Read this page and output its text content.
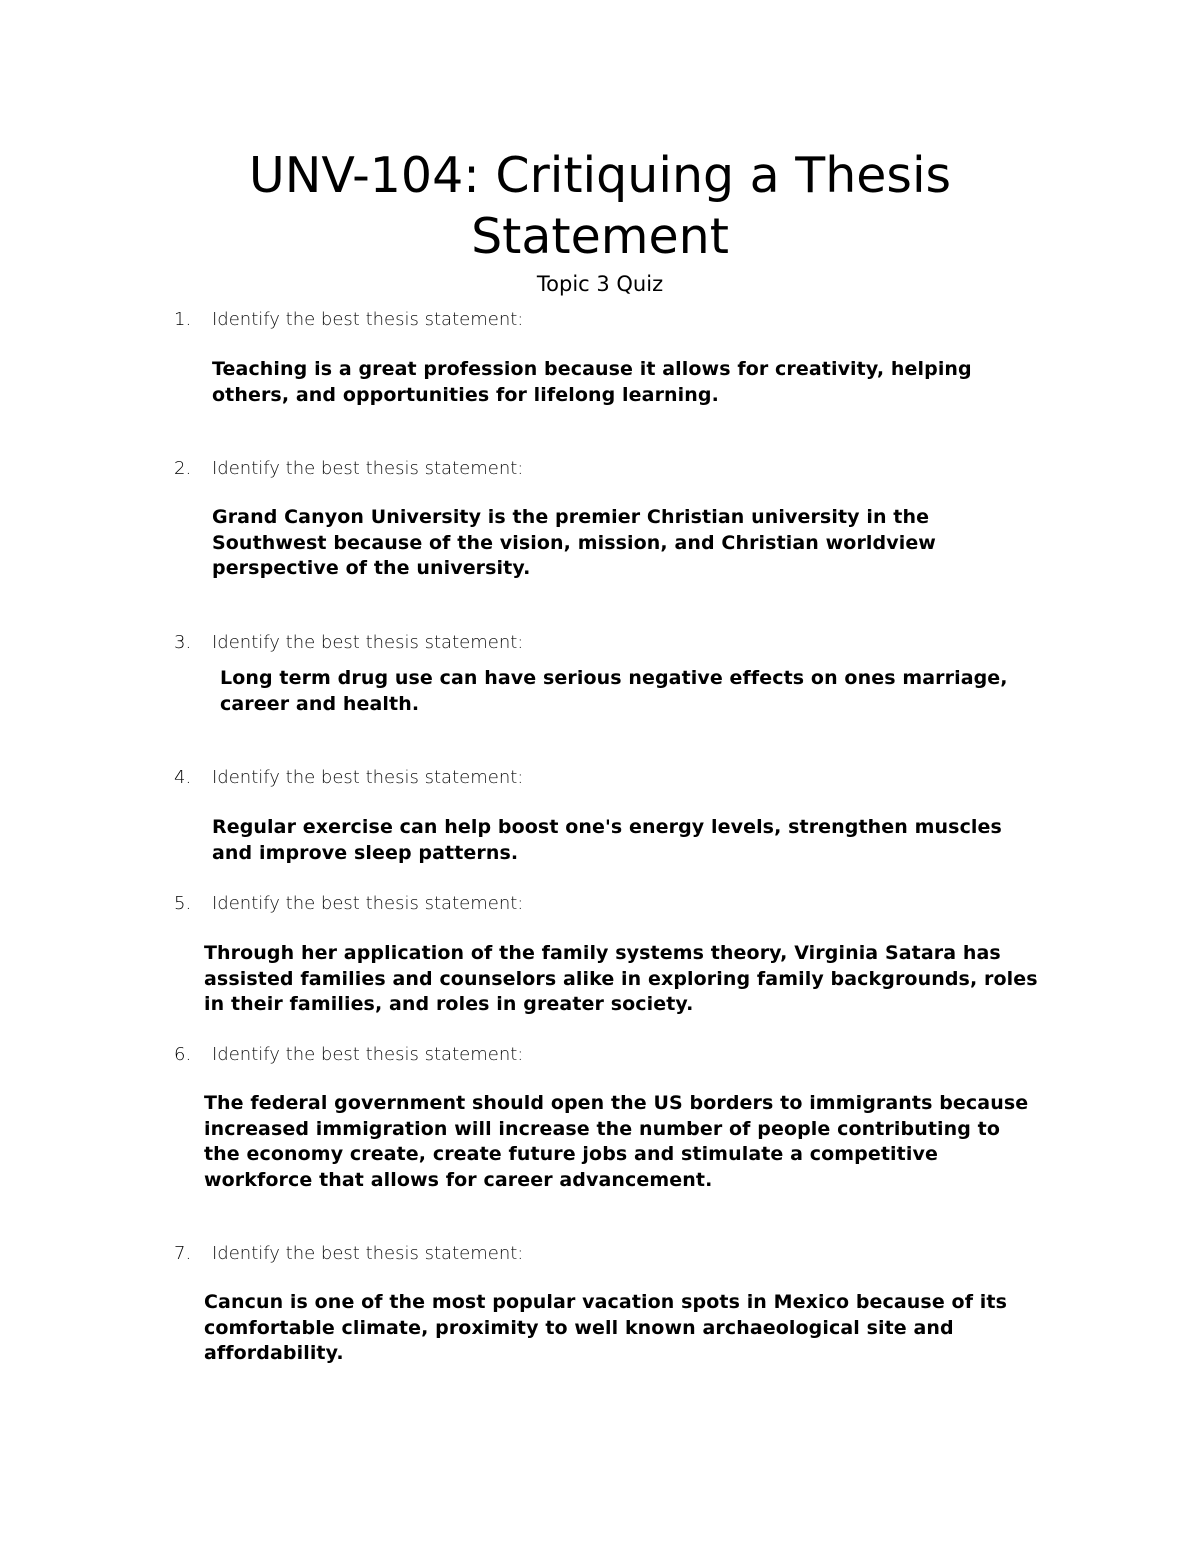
UNV-104: Critiquing a Thesis
Statement

Topic 3 Quiz

1. Identify the best thesis statement:
Teaching is a great profession because it allows for creativity, helping
others, and opportunities for lifelong learning.
2. Identify the best thesis statement:
Grand Canyon University is the premier Christian university in the
Southwest because of the vision, mission, and Christian worldview
perspective of the university.
3. Identify the best thesis statement:
Long term drug use can have serious negative effects on ones marriage,
career and health.
4. Identify the best thesis statement:
Regular exercise can help boost one's energy levels, strengthen muscles
and improve sleep patterns.
5. Identify the best thesis statement:
Through her application of the family systems theory, Virginia Satara has
assisted families and counselors alike in exploring family backgrounds, roles
in their families, and roles in greater society.
6. Identify the best thesis statement:
The federal government should open the US borders to immigrants because
increased immigration will increase the number of people contributing to
the economy create, create future jobs and stimulate a competitive
workforce that allows for career advancement.
7. Identify the best thesis statement:
Cancun is one of the most popular vacation spots in Mexico because of its
comfortable climate, proximity to well known archaeological site and
affordability.
